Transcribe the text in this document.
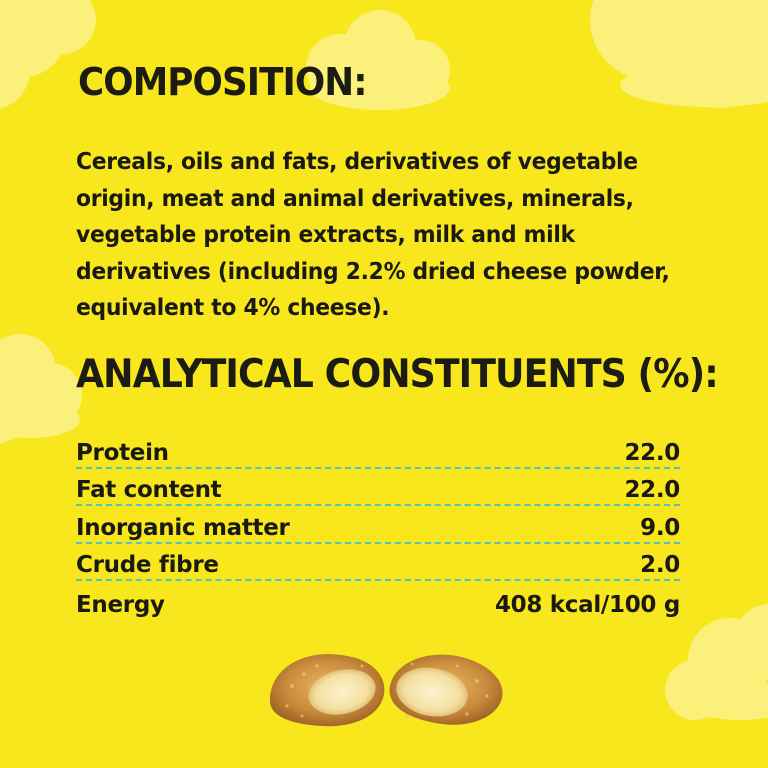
COMPOSITION:

Cereals, oils and fats, derivatives of vegetable origin, meat and animal derivatives, minerals, vegetable protein extracts, milk and milk derivatives (including 2.2% dried cheese powder, equivalent to 4% cheese).

ANALYTICAL CONSTITUENTS (%):
Protein	22.0
Fat content	22.0
Inorganic matter	9.0
Crude fibre	2.0
Energy	408 kcal/100 g
